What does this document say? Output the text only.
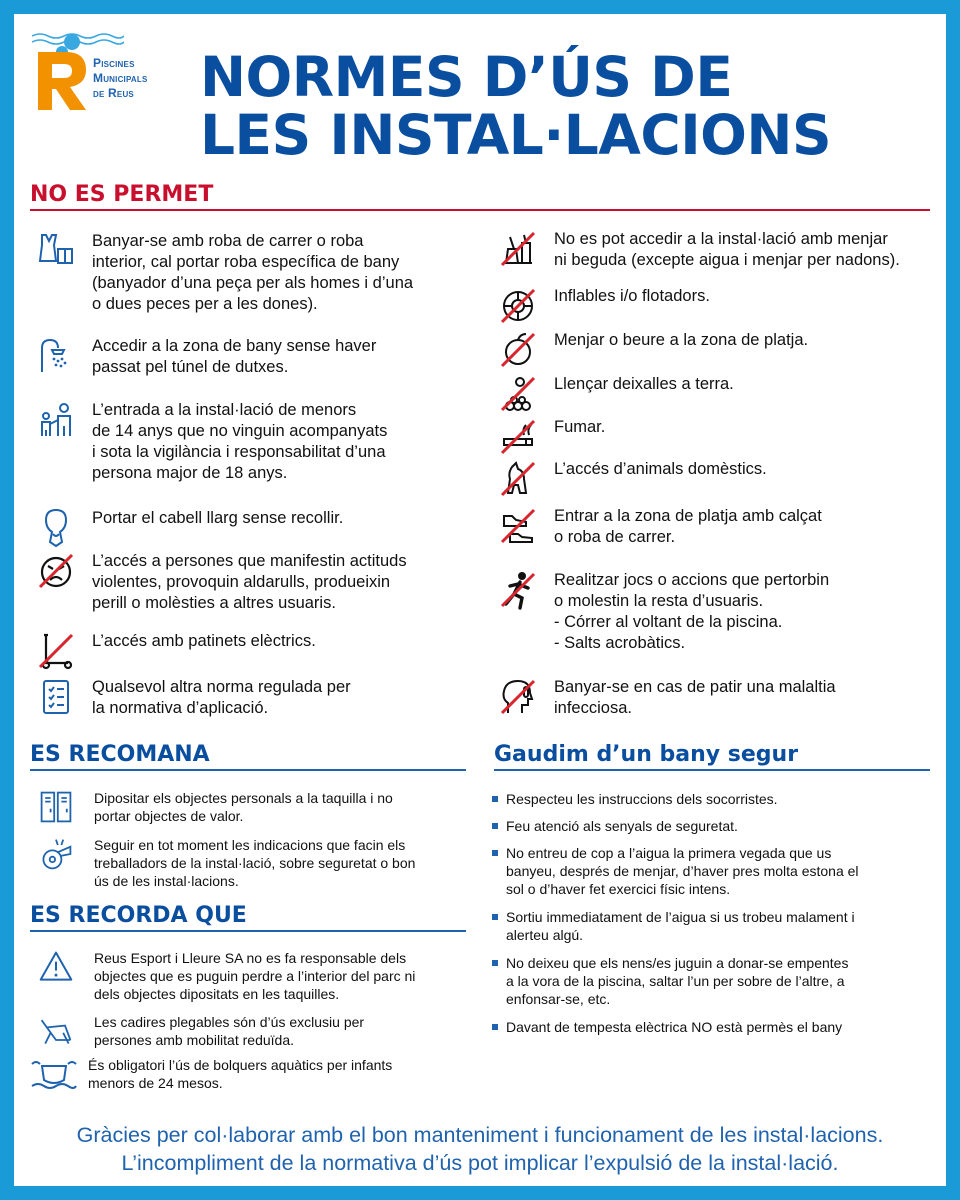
Piscines
Municipals
de Reus NORMES D’ÚS DE
LES INSTAL·LACIONS
NO ES PERMET
Banyar-se amb roba de carrer o roba
interior, cal portar roba específica de bany
(banyador d’una peça per als homes i d’una
o dues peces per a les dones).
Accedir a la zona de bany sense haver
passat pel túnel de dutxes.
L’entrada a la instal·lació de menors
de 14 anys que no vinguin acompanyats
i sota la vigilància i responsabilitat d’una
persona major de 18 anys.
Portar el cabell llarg sense recollir.
L’accés a persones que manifestin actituds
violentes, provoquin aldarulls, produeixin
perill o molèsties a altres usuaris.
L’accés amb patinets elèctrics.
Qualsevol altra norma regulada per
la normativa d’aplicació.
No es pot accedir a la instal·lació amb menjar
ni beguda (excepte aigua i menjar per nadons).
Inflables i/o flotadors.
Menjar o beure a la zona de platja.
Llençar deixalles a terra.
Fumar.
L’accés d’animals domèstics.
Entrar a la zona de platja amb calçat
o roba de carrer.
Realitzar jocs o accions que pertorbin
o molestin la resta d’usuaris.
- Córrer al voltant de la piscina.
- Salts acrobàtics.
Banyar-se en cas de patir una malaltia
infecciosa.
ES RECOMANA
Dipositar els objectes personals a la taquilla i no
portar objectes de valor.
Seguir en tot moment les indicacions que facin els
treballadors de la instal·lació, sobre seguretat o bon
ús de les instal·lacions.
ES RECORDA QUE
Reus Esport i Lleure SA no es fa responsable dels
objectes que es puguin perdre a l’interior del parc ni
dels objectes dipositats en les taquilles.
Les cadires plegables són d’ús exclusiu per
persones amb mobilitat reduïda.
És obligatori l’ús de bolquers aquàtics per infants
menors de 24 mesos.
Gaudim d’un bany segur
Respecteu les instruccions dels socorristes.
Feu atenció als senyals de seguretat.
No entreu de cop a l’aigua la primera vegada que us
banyeu, després de menjar, d’haver pres molta estona el
sol o d’haver fet exercici físic intens.
Sortiu immediatament de l’aigua si us trobeu malament i
alerteu algú.
No deixeu que els nens/es juguin a donar-se empentes
a la vora de la piscina, saltar l’un per sobre de l’altre, a
enfonsar-se, etc.
Davant de tempesta elèctrica NO està permès el bany

Gràcies per col·laborar amb el bon manteniment i funcionament de les instal·lacions.

L’incompliment de la normativa d’ús pot implicar l’expulsió de la instal·lació.
